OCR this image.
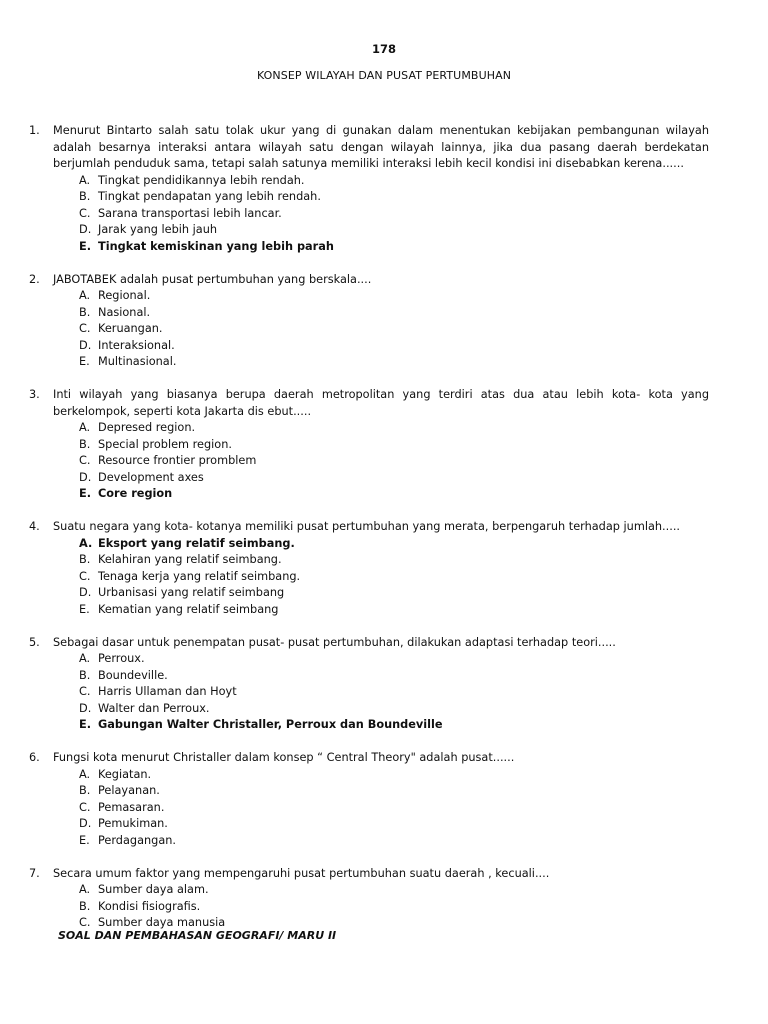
178
KONSEP WILAYAH DAN PUSAT PERTUMBUHAN
1.	Menurut Bintarto salah satu tolak ukur yang di gunakan dalam menentukan kebijakan pembangunan wilayah adalah besarnya interaksi antara wilayah satu dengan wilayah lainnya, jika dua pasang daerah berdekatan berjumlah penduduk sama, tetapi salah satunya memiliki interaksi lebih kecil kondisi ini disebabkan kerena......
A. Tingkat pendidikannya lebih rendah.
B. Tingkat pendapatan yang lebih rendah.
C. Sarana transportasi lebih lancar.
D. Jarak yang lebih jauh
E. Tingkat kemiskinan yang lebih parah
2.	JABOTABEK adalah pusat pertumbuhan yang berskala....
A. Regional.
B. Nasional.
C. Keruangan.
D. Interaksional.
E. Multinasional.
3.	Inti wilayah yang biasanya berupa daerah metropolitan yang terdiri atas dua atau lebih kota- kota yang berkelompok, seperti kota Jakarta dis ebut.....
A. Depresed region.
B. Special problem region.
C. Resource frontier promblem
D. Development axes
E. Core region
4.	Suatu negara yang kota- kotanya memiliki pusat pertumbuhan yang merata, berpengaruh terhadap jumlah.....
A. Eksport yang relatif seimbang.
B. Kelahiran yang relatif seimbang.
C. Tenaga kerja yang relatif seimbang.
D. Urbanisasi yang relatif seimbang
E. Kematian yang relatif seimbang
5.	Sebagai dasar untuk penempatan pusat- pusat pertumbuhan, dilakukan adaptasi terhadap teori.....
A. Perroux.
B. Boundeville.
C. Harris Ullaman dan Hoyt
D. Walter dan Perroux.
E. Gabungan Walter Christaller, Perroux dan Boundeville
6.	Fungsi kota menurut Christaller dalam konsep “ Central Theory" adalah pusat......
A. Kegiatan.
B. Pelayanan.
C. Pemasaran.
D. Pemukiman.
E. Perdagangan.
7.	Secara umum faktor yang mempengaruhi pusat pertumbuhan suatu daerah , kecuali....
A. Sumber daya alam.
B. Kondisi fisiografis.
C. Sumber daya manusia
SOAL DAN PEMBAHASAN GEOGRAFI/ MARU II
